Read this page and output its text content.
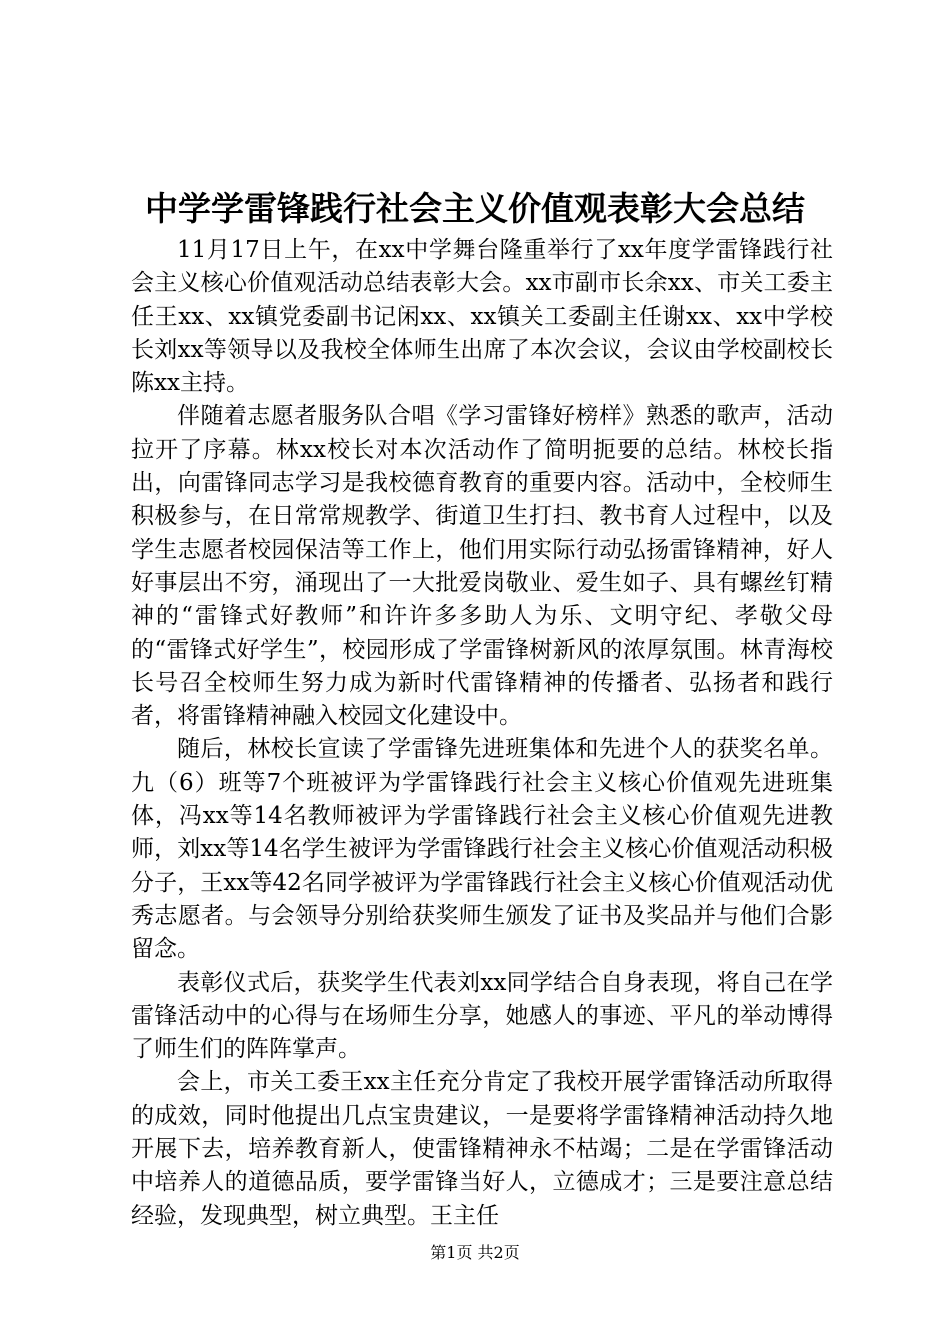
中学学雷锋践行社会主义价值观表彰大会总结

11月17日上午，在xx中学舞台隆重举行了xx年度学雷锋践行社会主义核心价值观活动总结表彰大会。xx市副市长余xx、市关工委主任王xx、xx镇党委副书记闲xx、xx镇关工委副主任谢xx、xx中学校长刘xx等领导以及我校全体师生出席了本次会议，会议由学校副校长陈xx主持。

伴随着志愿者服务队合唱《学习雷锋好榜样》熟悉的歌声，活动拉开了序幕。林xx校长对本次活动作了简明扼要的总结。林校长指出，向雷锋同志学习是我校德育教育的重要内容。活动中，全校师生积极参与，在日常常规教学、街道卫生打扫、教书育人过程中，以及学生志愿者校园保洁等工作上，他们用实际行动弘扬雷锋精神，好人好事层出不穷，涌现出了一大批爱岗敬业、爱生如子、具有螺丝钉精神的“雷锋式好教师”和许许多多助人为乐、文明守纪、孝敬父母的“雷锋式好学生”，校园形成了学雷锋树新风的浓厚氛围。林青海校长号召全校师生努力成为新时代雷锋精神的传播者、弘扬者和践行者，将雷锋精神融入校园文化建设中。

随后，林校长宣读了学雷锋先进班集体和先进个人的获奖名单。九（6）班等7个班被评为学雷锋践行社会主义核心价值观先进班集体，冯xx等14名教师被评为学雷锋践行社会主义核心价值观先进教师，刘xx等14名学生被评为学雷锋践行社会主义核心价值观活动积极分子，王xx等42名同学被评为学雷锋践行社会主义核心价值观活动优秀志愿者。与会领导分别给获奖师生颁发了证书及奖品并与他们合影留念。

表彰仪式后，获奖学生代表刘xx同学结合自身表现，将自己在学雷锋活动中的心得与在场师生分享，她感人的事迹、平凡的举动博得了师生们的阵阵掌声。

会上，市关工委王xx主任充分肯定了我校开展学雷锋活动所取得的成效，同时他提出几点宝贵建议，一是要将学雷锋精神活动持久地开展下去，培养教育新人，使雷锋精神永不枯竭；二是在学雷锋活动中培养人的道德品质，要学雷锋当好人，立德成才；三是要注意总结经验，发现典型，树立典型。王主任

第1页 共2页
